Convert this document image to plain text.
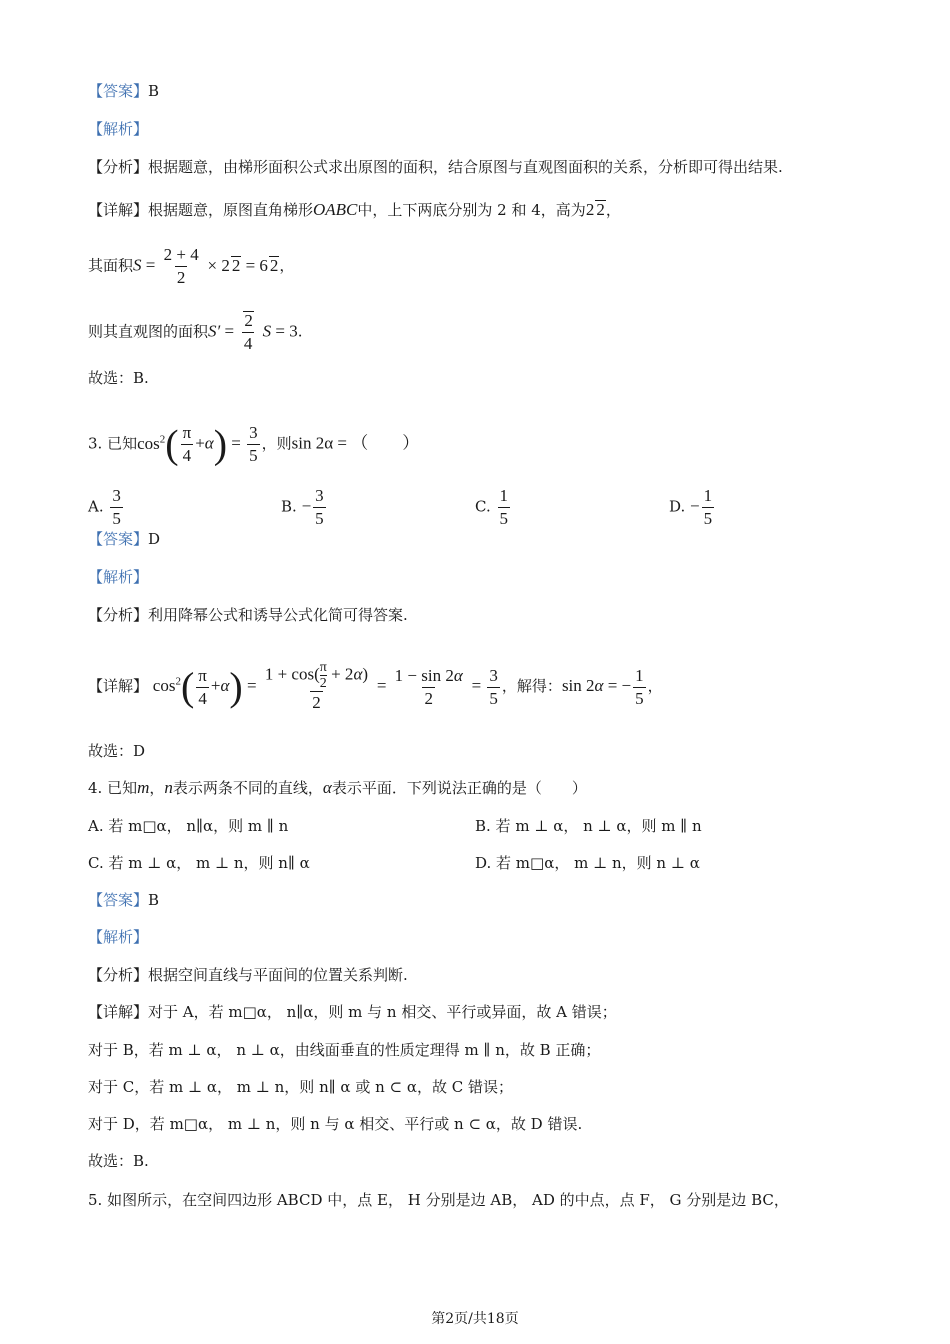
【答案】B
【解析】
【分析】根据题意，由梯形面积公式求出原图的面积，结合原图与直观图面积的关系，分析即可得出结果.
【详解】根据题意，原图直角梯形OABC中，上下两底分别为 2 和 4，高为2 2，
其面积$S = \frac{2 + 4}{2} \times 2$ 2 = 6 2，
则其直观图的面积$S' = \frac{2}{4}$ S = 3.
故选：B.
3. 已知$\cos^2( \frac{\pi}{4} +\alpha) = \frac{3}{5}$ ，则sin 2α = （　　）
A. $\frac{3}{5}$	B. − $\frac{3}{5}$	C. $\frac{1}{5}$	D. − $\frac{1}{5}$
【答案】D
【解析】
【分析】利用降幂公式和诱导公式化简可得答案.
【详解】 $\cos^2( \frac{\pi}{4} +\alpha) = \frac{1 + \cos( \frac{\pi}{2} + 2\alpha)}{2} = \frac{1 - \sin 2\alpha}{2} = \frac{3}{5}$ ，解得：sin 2α = − $\frac{1}{5}$ ，
故选：D
4. 已知m，n表示两条不同的直线，α表示平面．下列说法正确的是（　　）
A. 若 m□α， n∥α，则 m ∥ n	B. 若 m ⊥ α， n ⊥ α，则 m ∥ n
C. 若 m ⊥ α， m ⊥ n，则 n∥ α	D. 若 m□α， m ⊥ n，则 n ⊥ α
【答案】B
【解析】
【分析】根据空间直线与平面间的位置关系判断.
【详解】对于 A，若 m□α， n∥α，则 m 与 n 相交、平行或异面，故 A 错误；
对于 B，若 m ⊥ α， n ⊥ α，由线面垂直的性质定理得 m ∥ n，故 B 正确；
对于 C，若 m ⊥ α， m ⊥ n，则 n∥ α 或 n ⊂ α，故 C 错误；
对于 D，若 m□α， m ⊥ n，则 n 与 α 相交、平行或 n ⊂ α，故 D 错误.
故选：B.
5. 如图所示，在空间四边形 ABCD 中，点 E， H 分别是边 AB， AD 的中点，点 F， G 分别是边 BC，
第2页/共18页
